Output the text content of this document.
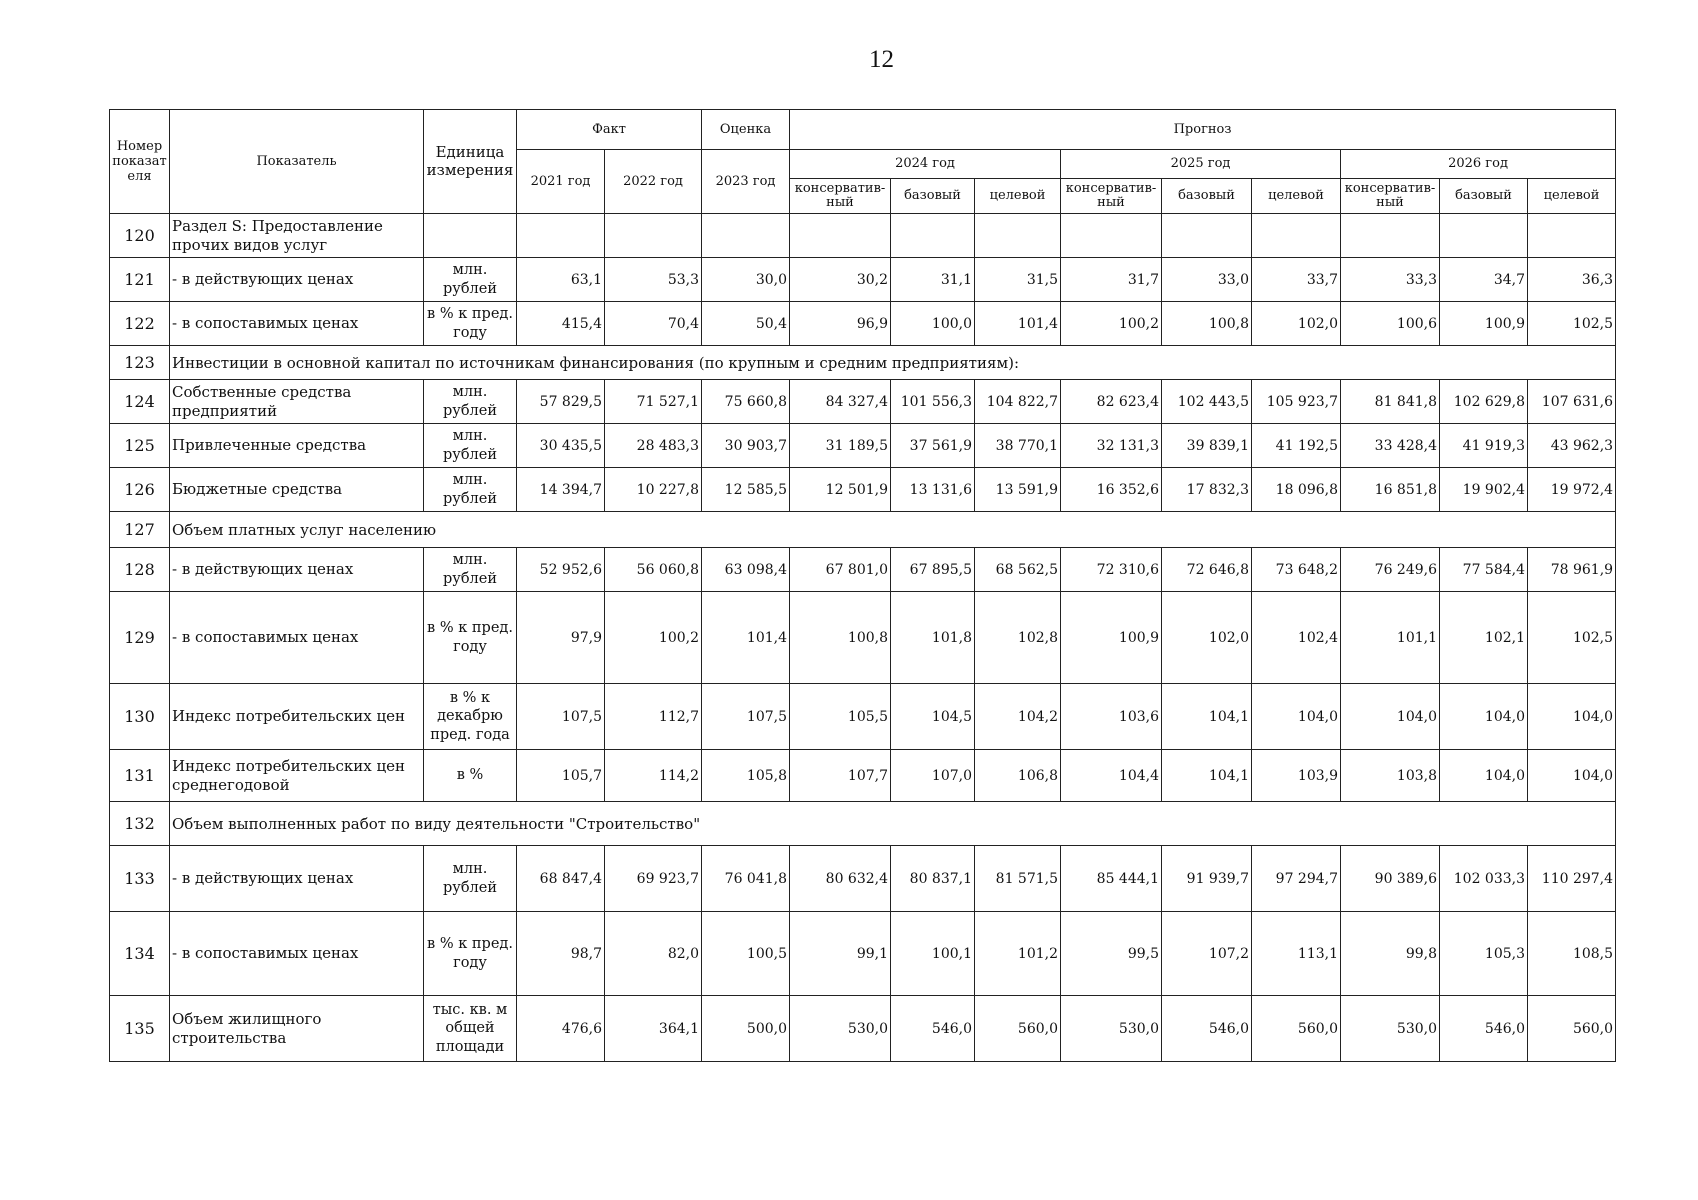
12
Номер показат еля	Показатель	Единица измерения	Факт		Оценка	Прогноз								
			2021 год	2022 год	2023 год	2024 год			2025 год			2026 год		
						консерватив-ный	базовый	целевой	консерватив-ный	базовый	целевой	консерватив-ный	базовый	целевой
120	Раздел S: Предоставление прочих видов услуг													
121	- в действующих ценах	млн. рублей	63,1	53,3	30,0	30,2	31,1	31,5	31,7	33,0	33,7	33,3	34,7	36,3
122	- в сопоставимых ценах	в % к пред. году	415,4	70,4	50,4	96,9	100,0	101,4	100,2	100,8	102,0	100,6	100,9	102,5
123	Инвестиции в основной капитал по источникам финансирования (по крупным и средним предприятиям):													
124	Собственные средства предприятий	млн. рублей	57 829,5	71 527,1	75 660,8	84 327,4	101 556,3	104 822,7	82 623,4	102 443,5	105 923,7	81 841,8	102 629,8	107 631,6
125	Привлеченные средства	млн. рублей	30 435,5	28 483,3	30 903,7	31 189,5	37 561,9	38 770,1	32 131,3	39 839,1	41 192,5	33 428,4	41 919,3	43 962,3
126	Бюджетные средства	млн. рублей	14 394,7	10 227,8	12 585,5	12 501,9	13 131,6	13 591,9	16 352,6	17 832,3	18 096,8	16 851,8	19 902,4	19 972,4
127	Объем платных услуг населению													
128	- в действующих ценах	млн. рублей	52 952,6	56 060,8	63 098,4	67 801,0	67 895,5	68 562,5	72 310,6	72 646,8	73 648,2	76 249,6	77 584,4	78 961,9
129	- в сопоставимых ценах	в % к пред. году	97,9	100,2	101,4	100,8	101,8	102,8	100,9	102,0	102,4	101,1	102,1	102,5
130	Индекс потребительских цен	в % к декабрю пред. года	107,5	112,7	107,5	105,5	104,5	104,2	103,6	104,1	104,0	104,0	104,0	104,0
131	Индекс потребительских цен среднегодовой	в %	105,7	114,2	105,8	107,7	107,0	106,8	104,4	104,1	103,9	103,8	104,0	104,0
132	Объем выполненных работ по виду деятельности "Строительство"													
133	- в действующих ценах	млн. рублей	68 847,4	69 923,7	76 041,8	80 632,4	80 837,1	81 571,5	85 444,1	91 939,7	97 294,7	90 389,6	102 033,3	110 297,4
134	- в сопоставимых ценах	в % к пред. году	98,7	82,0	100,5	99,1	100,1	101,2	99,5	107,2	113,1	99,8	105,3	108,5
135	Объем жилищного строительства	тыс. кв. м общей площади	476,6	364,1	500,0	530,0	546,0	560,0	530,0	546,0	560,0	530,0	546,0	560,0
